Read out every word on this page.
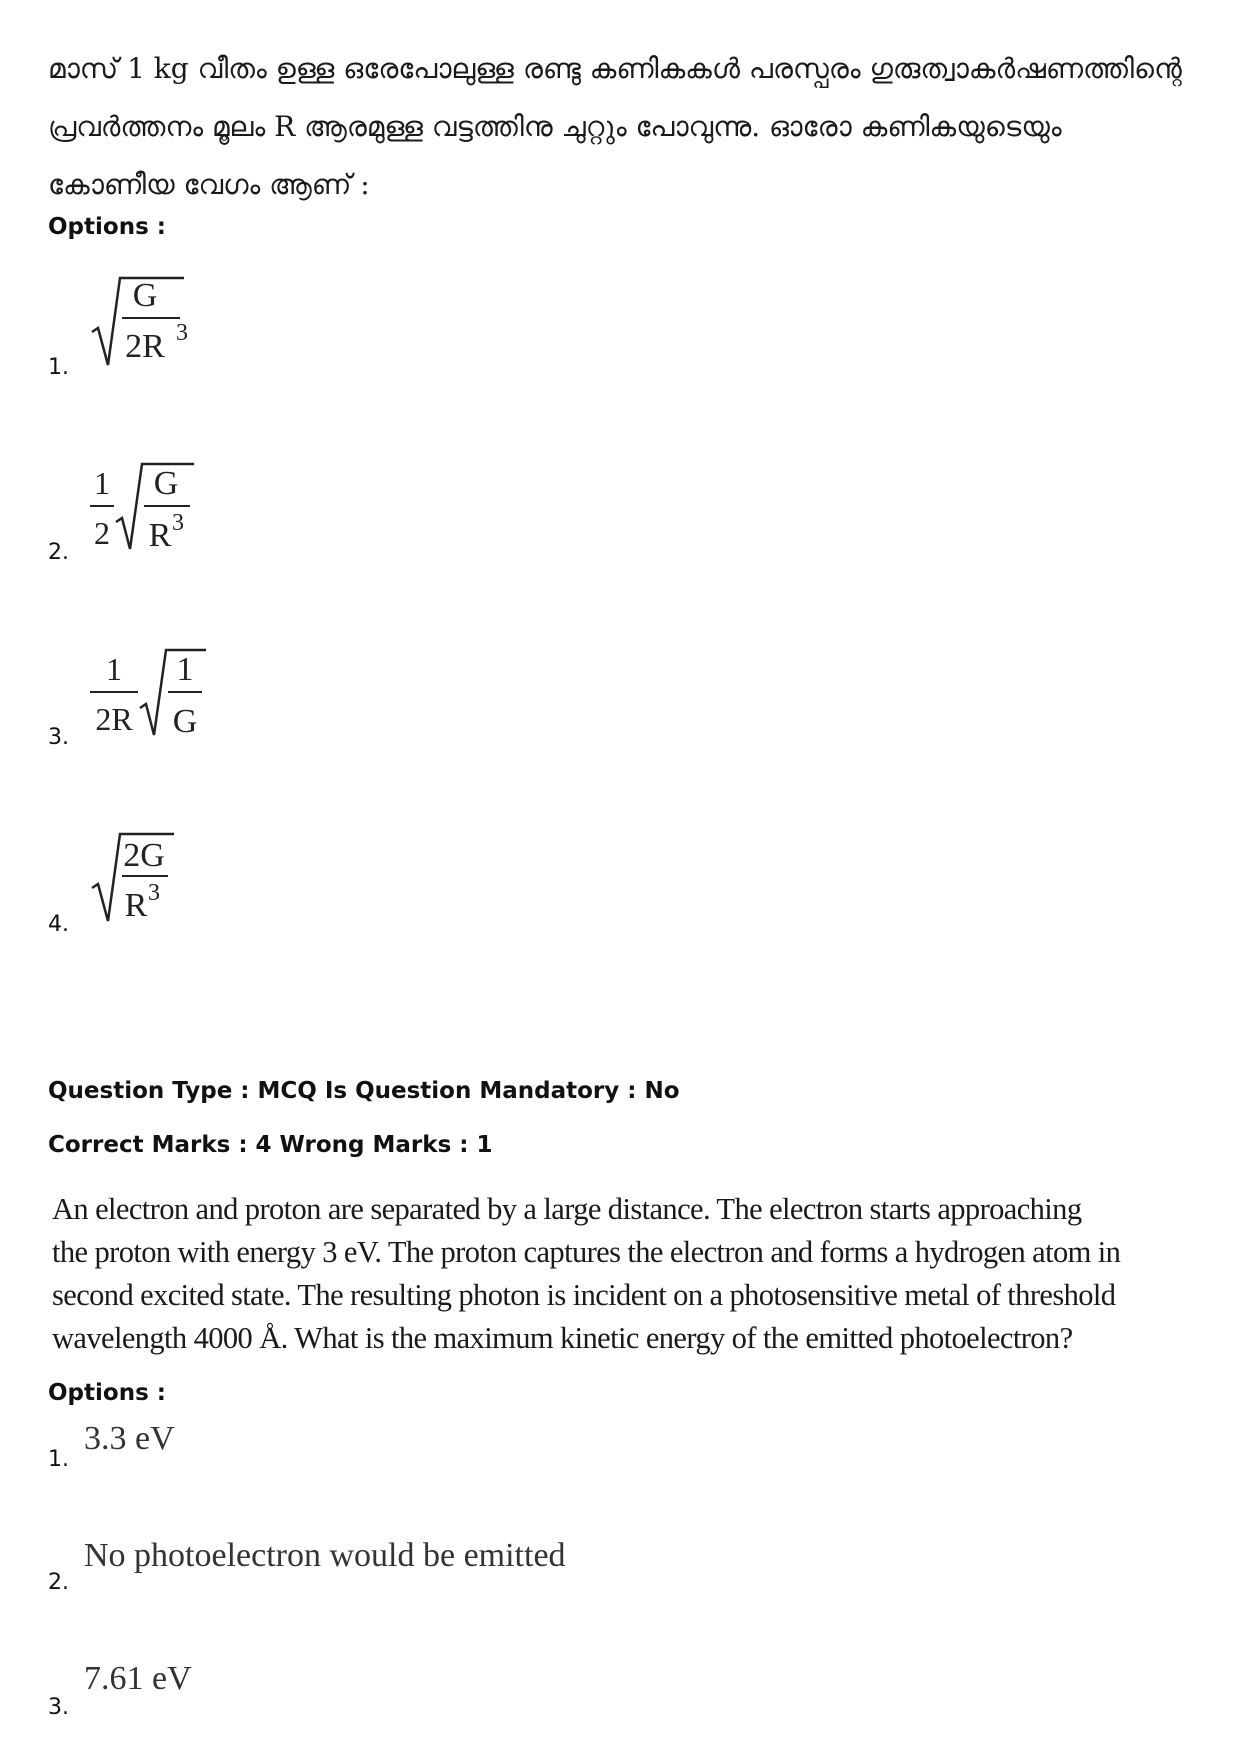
മാസ് 1 kg വീതം ഉള്ള ഒരേപോലുള്ള രണ്ടു കണികകൾ പരസ്പരം ഗുരുത്വാകർഷണത്തിന്റെ
പ്രവർത്തനം മൂലം R ആരമുള്ള വട്ടത്തിനു ചുറ്റും പോവുന്നു. ഓരോ കണികയുടെയും
കോണീയ വേഗം ആണ് :
Options :
1.
G
2R 3
2.
1
2
G
R 3
3.
1
2R
1
G
4.
2G
R 3
Question Type : MCQ Is Question Mandatory : No
Correct Marks : 4 Wrong Marks : 1
An electron and proton are separated by a large distance. The electron starts approaching
the proton with energy 3 eV. The proton captures the electron and forms a hydrogen atom in
second excited state. The resulting photon is incident on a photosensitive metal of threshold
wavelength 4000 Å. What is the maximum kinetic energy of the emitted photoelectron?
Options :
1.
3.3 eV
2.
No photoelectron would be emitted
3.
7.61 eV
